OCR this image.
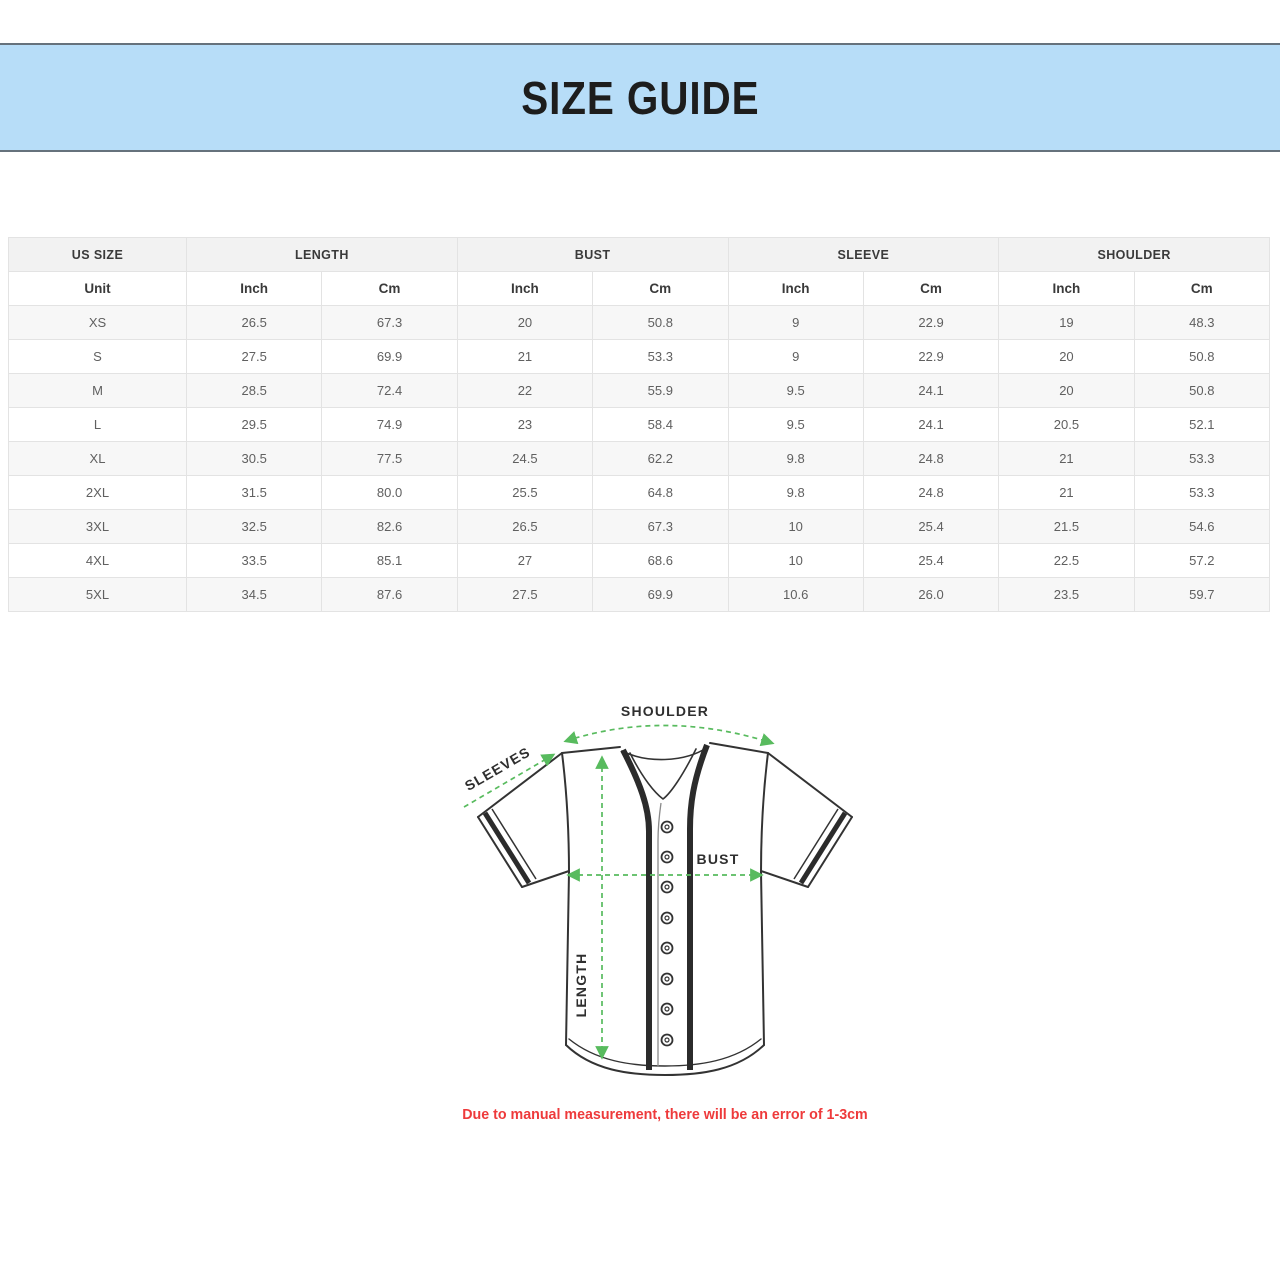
SIZE GUIDE
US SIZE	LENGTH		BUST		SLEEVE		SHOULDER	
Unit	Inch	Cm	Inch	Cm	Inch	Cm	Inch	Cm
XS	26.5	67.3	20	50.8	9	22.9	19	48.3
S	27.5	69.9	21	53.3	9	22.9	20	50.8
M	28.5	72.4	22	55.9	9.5	24.1	20	50.8
L	29.5	74.9	23	58.4	9.5	24.1	20.5	52.1
XL	30.5	77.5	24.5	62.2	9.8	24.8	21	53.3
2XL	31.5	80.0	25.5	64.8	9.8	24.8	21	53.3
3XL	32.5	82.6	26.5	67.3	10	25.4	21.5	54.6
4XL	33.5	85.1	27	68.6	10	25.4	22.5	57.2
5XL	34.5	87.6	27.5	69.9	10.6	26.0	23.5	59.7
SHOULDER
SLEEVES
BUST
LENGTH
Due to manual measurement, there will be an error of 1-3cm
